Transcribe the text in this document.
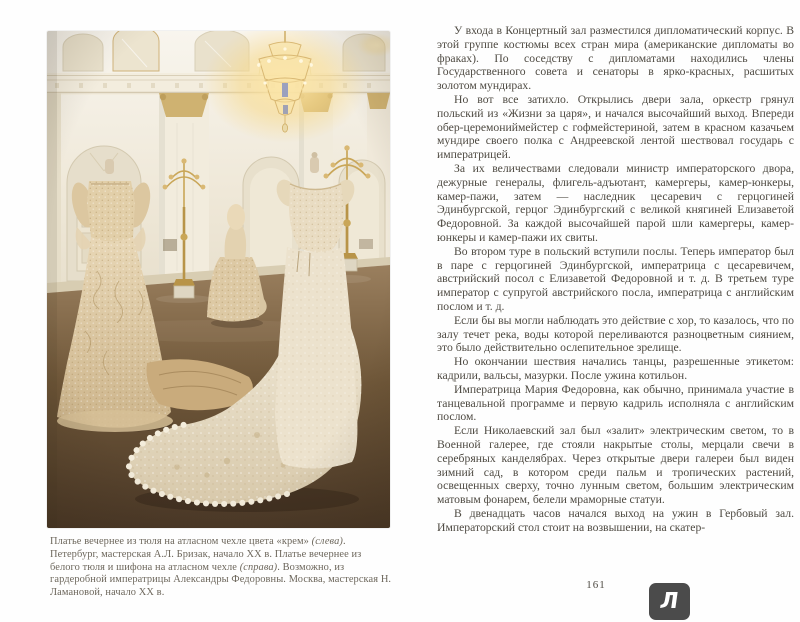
Платье вечернее из тюля на атласном чехле цвета «крем» (слева). Петербург, мастерская А.Л. Бризак, начало XX в. Платье вечернее из белого тюля и шифона на атласном чехле (справа). Возможно, из гардеробной императрицы Александры Федоровны. Москва, мастерская Н. Ламановой, начало XX в.

У входа в Концертный зал разместился дипломатический корпус. В этой группе костюмы всех стран мира (американские дипломаты во фраках). По соседству с дипломатами находились члены Государственного совета и сенаторы в ярко-красных, расшитых золотом мундирах.

Но вот все затихло. Открылись двери зала, оркестр грянул польский из «Жизни за царя», и начался высочайший выход. Впереди обер-церемониймейстер с гофмейстериной, затем в красном казачьем мундире своего полка с Андреевской лентой шествовал государь с императрицей.

За их величествами следовали министр императорского двора, дежурные генералы, флигель-адъютант, камергеры, камер-юнкеры, камер-пажи, затем — наследник цесаревич с герцогиней Эдинбургской, герцог Эдинбургский с великой княгиней Елизаветой Федоровной. За каждой высочайшей парой шли камергеры, камер-юнкеры и камер-пажи их свиты.

Во втором туре в польский вступили послы. Теперь император был в паре с герцогиней Эдинбургской, императрица с цесаревичем, австрийский посол с Елизаветой Федоровной и т. д. В третьем туре император с супругой австрийского посла, императрица с английским послом и т. д.

Если бы вы могли наблюдать это действие с хор, то казалось, что по залу течет река, воды которой переливаются разноцветным сиянием, это было действительно ослепительное зрелище.

Но окончании шествия начались танцы, разрешенные этикетом: кадрили, вальсы, мазурки. После ужина котильон.

Императрица Мария Федоровна, как обычно, принимала участие в танцевальной программе и первую кадриль исполняла с английским послом.

Если Николаевский зал был «залит» электрическим светом, то в Военной галерее, где стояли накрытые столы, мерцали свечи в серебряных канделябрах. Через открытые двери галереи был виден зимний сад, в котором среди пальм и тропических растений, освещенных сверху, точно лунным светом, большим электрическим матовым фонарем, белели мраморные статуи.

В двенадцать часов начался выход на ужин в Гербовый зал. Императорский стол стоит на возвышении, на скатер-

161
Л
